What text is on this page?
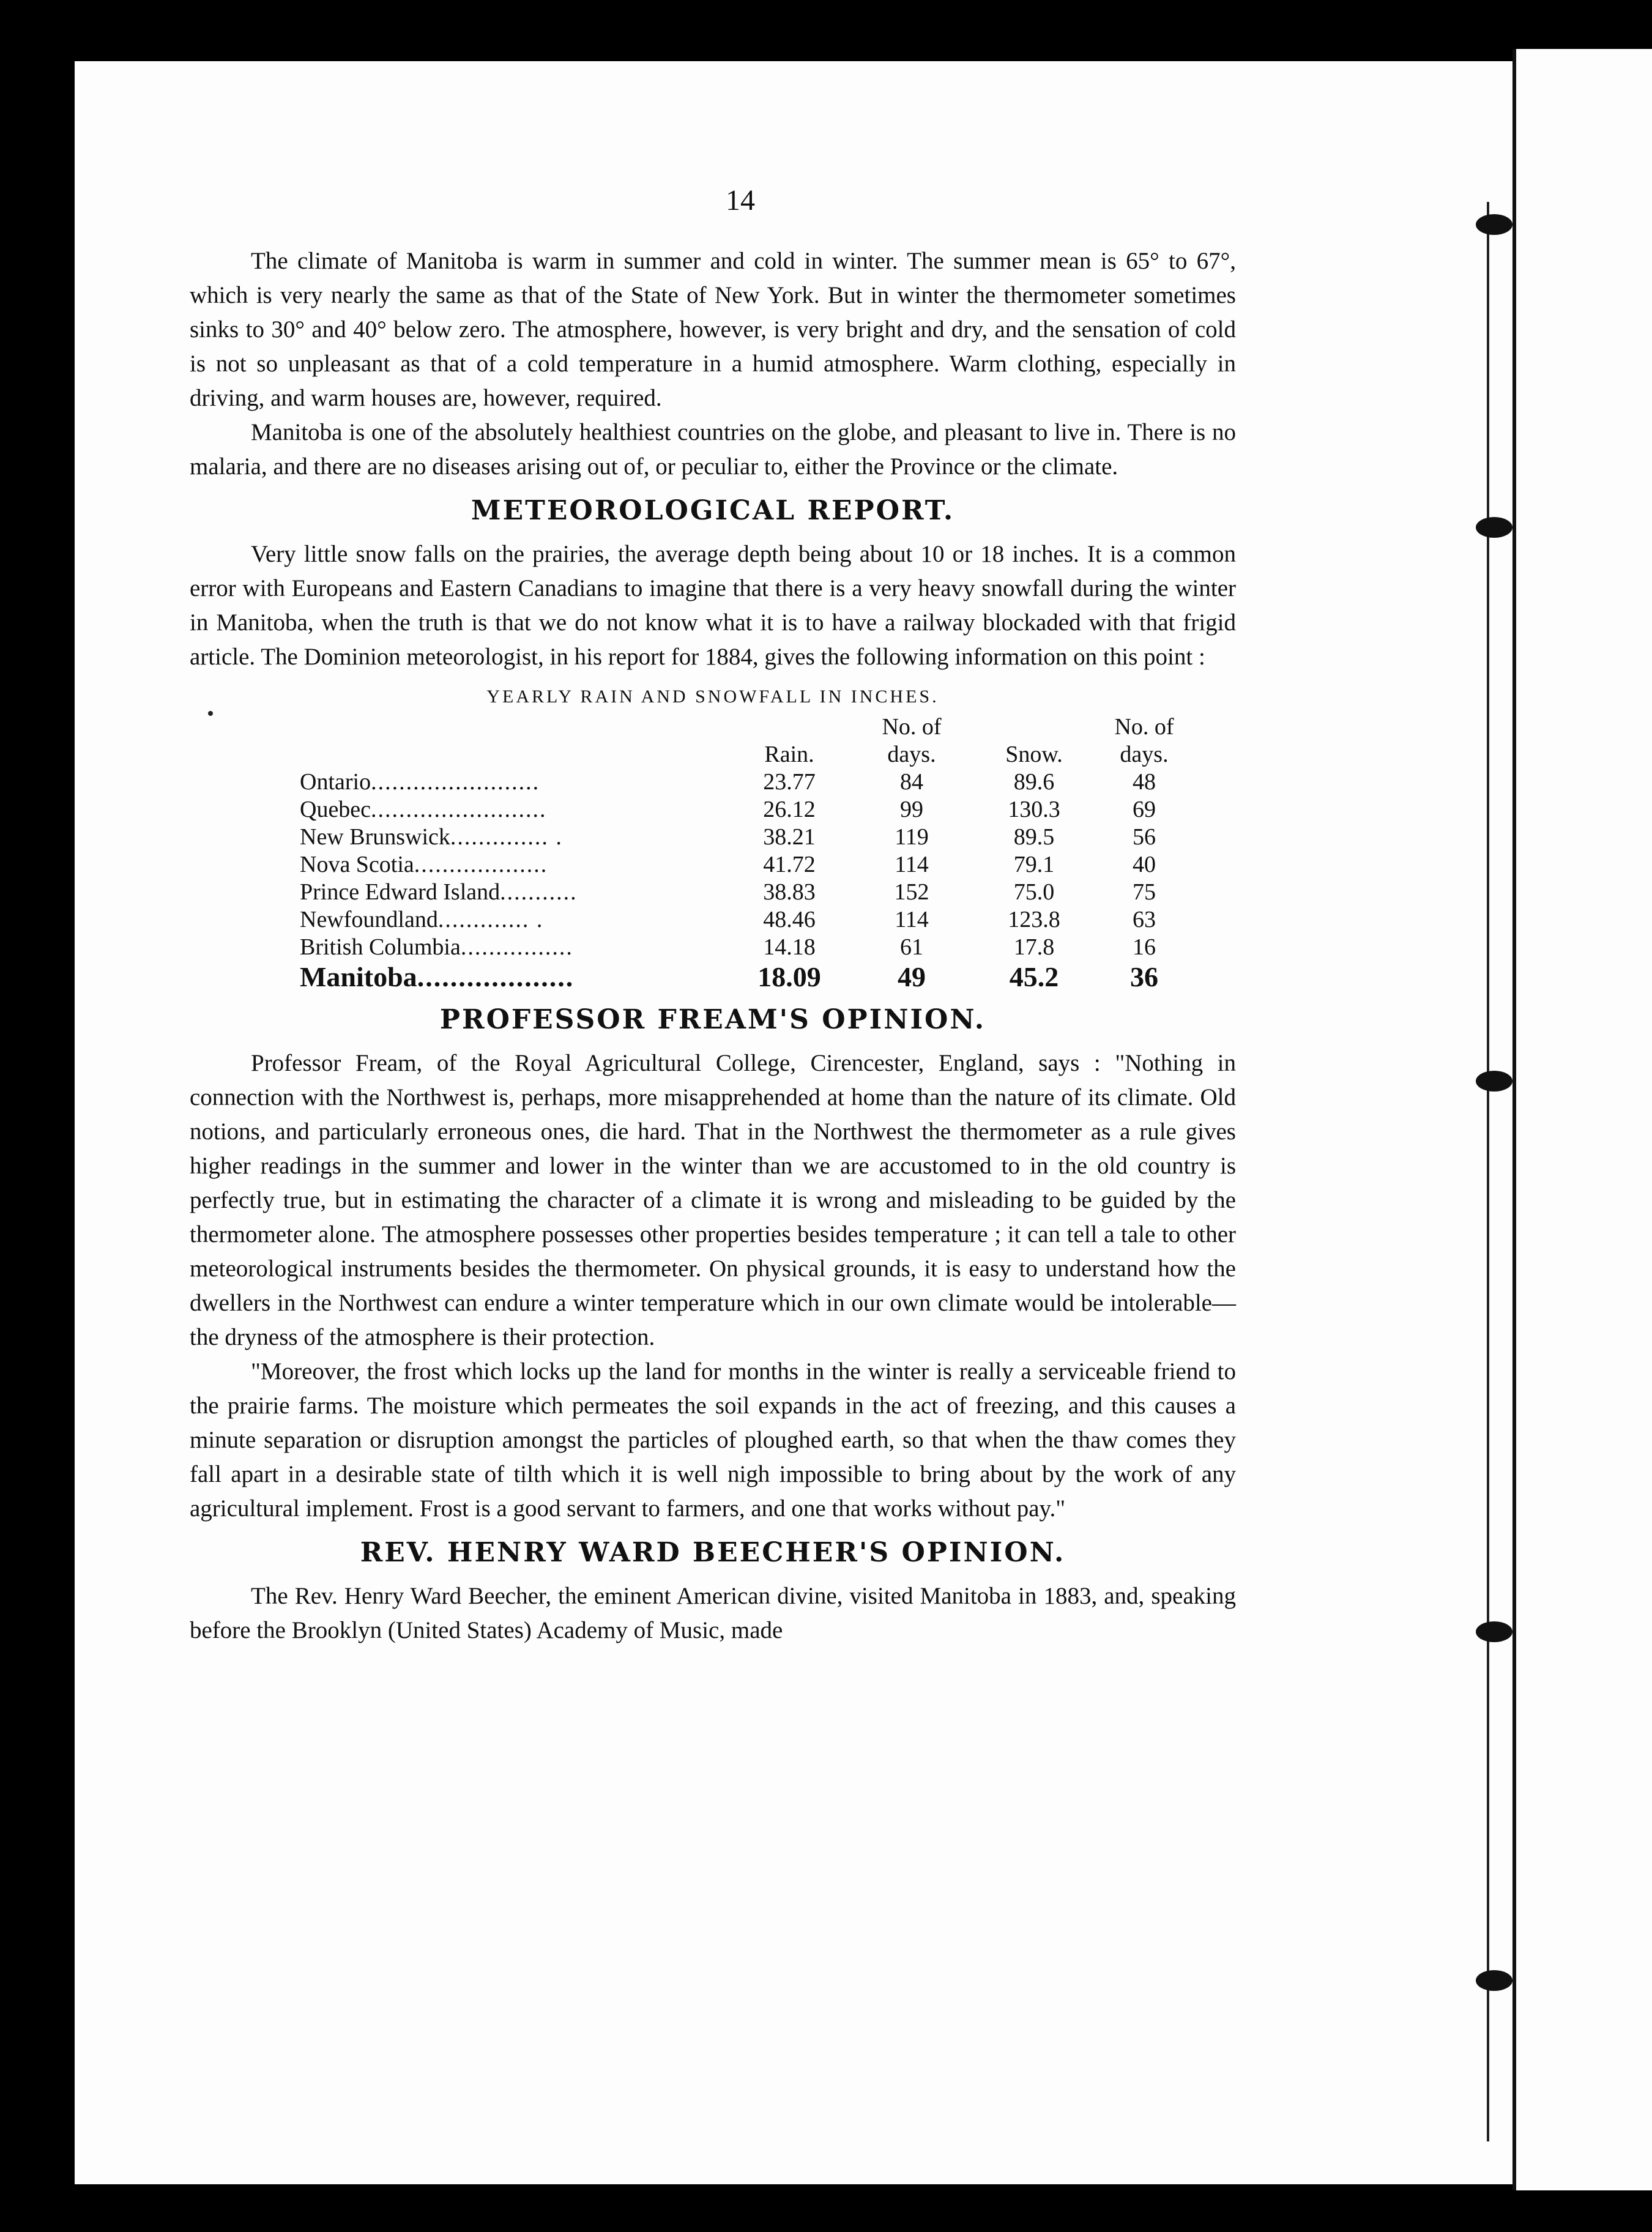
14

The climate of Manitoba is warm in summer and cold in winter. The summer mean is 65° to 67°, which is very nearly the same as that of the State of New York. But in winter the thermometer sometimes sinks to 30° and 40° below zero. The atmosphere, however, is very bright and dry, and the sensation of cold is not so unpleasant as that of a cold temperature in a humid atmosphere. Warm clothing, especially in driving, and warm houses are, however, required.

Manitoba is one of the absolutely healthiest countries on the globe, and pleasant to live in. There is no malaria, and there are no diseases arising out of, or peculiar to, either the Province or the climate.

METEOROLOGICAL REPORT.

Very little snow falls on the prairies, the average depth being about 10 or 18 inches. It is a common error with Europeans and Eastern Canadians to imagine that there is a very heavy snowfall during the winter in Manitoba, when the truth is that we do not know what it is to have a railway blockaded with that frigid article. The Dominion meteorologist, in his report for 1884, gives the following information on this point :

YEARLY RAIN AND SNOWFALL IN INCHES.
		No. of		No. of
	Rain.	days.	Snow.	days.
Ontario........................	23.77	84	89.6	48
Quebec.........................	26.12	99	130.3	69
New Brunswick.............. .	38.21	119	89.5	56
Nova Scotia...................	41.72	114	79.1	40
Prince Edward Island...........	38.83	152	75.0	75
Newfoundland............. .	48.46	114	123.8	63
British Columbia................	14.18	61	17.8	16
Manitoba...................	18.09	49	45.2	36
PROFESSOR FREAM'S OPINION.

Professor Fream, of the Royal Agricultural College, Cirencester, England, says : "Nothing in connection with the Northwest is, perhaps, more misapprehended at home than the nature of its climate. Old notions, and particularly erroneous ones, die hard. That in the Northwest the thermometer as a rule gives higher readings in the summer and lower in the winter than we are accustomed to in the old country is perfectly true, but in estimating the character of a climate it is wrong and misleading to be guided by the thermometer alone. The atmosphere possesses other properties besides temperature ; it can tell a tale to other meteorological instruments besides the thermometer. On physical grounds, it is easy to understand how the dwellers in the Northwest can endure a winter temperature which in our own climate would be intolerable—the dryness of the atmosphere is their protection.

"Moreover, the frost which locks up the land for months in the winter is really a serviceable friend to the prairie farms. The moisture which permeates the soil expands in the act of freezing, and this causes a minute separation or disruption amongst the particles of ploughed earth, so that when the thaw comes they fall apart in a desirable state of tilth which it is well nigh impossible to bring about by the work of any agricultural implement. Frost is a good servant to farmers, and one that works without pay."

REV. HENRY WARD BEECHER'S OPINION.

The Rev. Henry Ward Beecher, the eminent American divine, visited Manitoba in 1883, and, speaking before the Brooklyn (United States) Academy of Music, made
